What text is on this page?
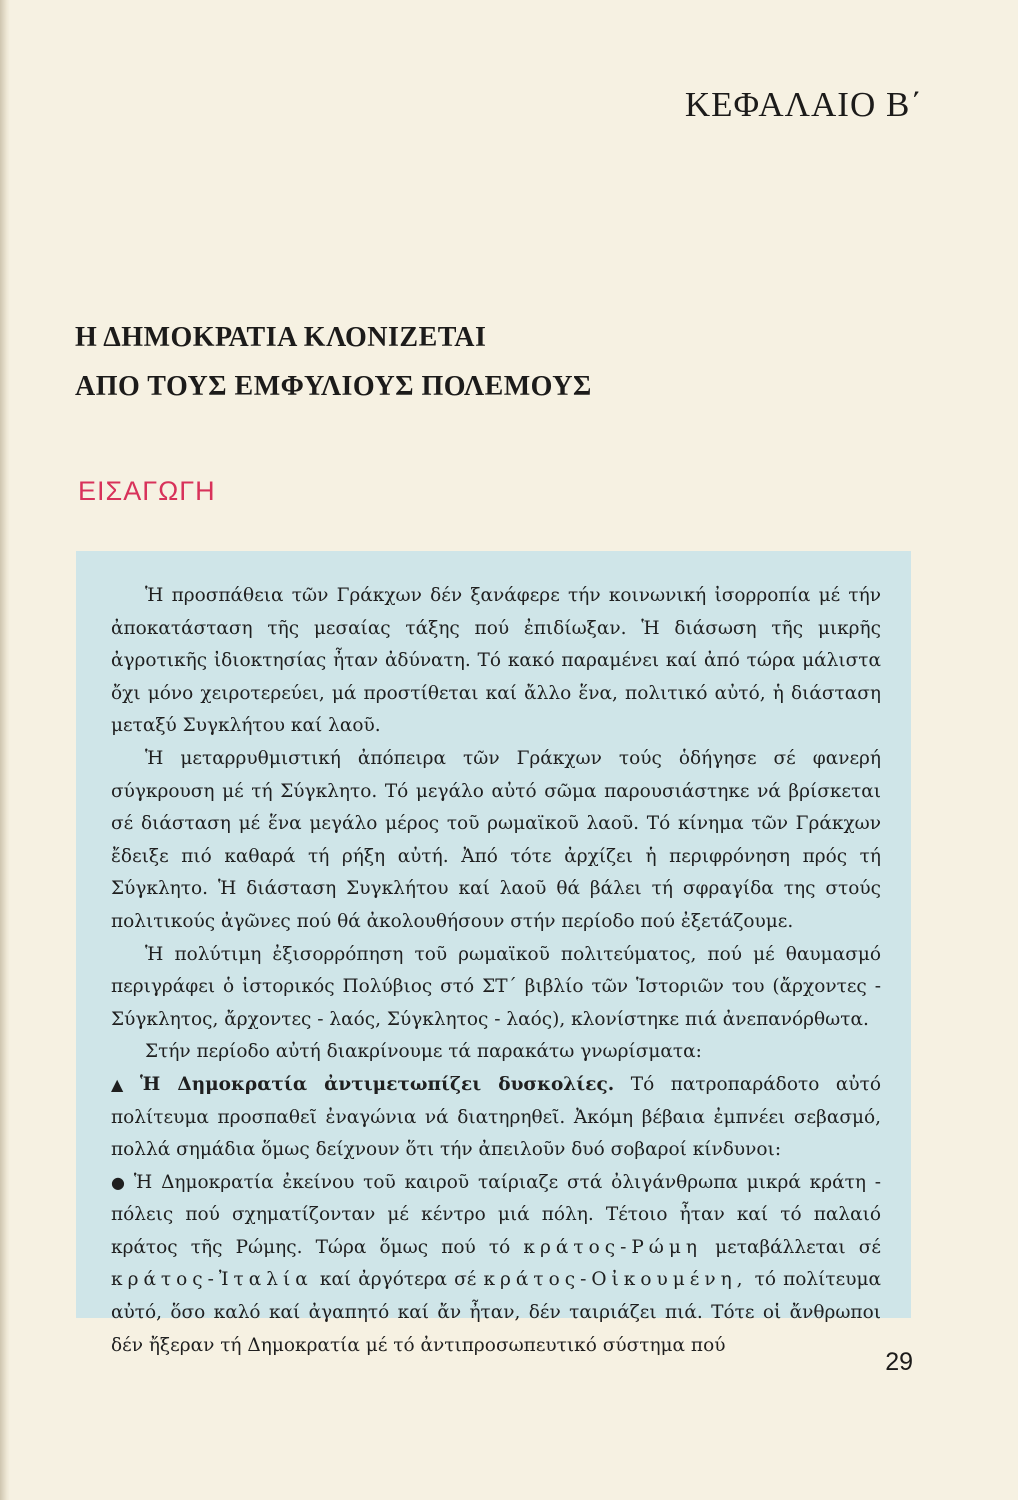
ΚΕΦΑΛΑΙΟ Β΄
Η ΔΗΜΟΚΡΑΤΙΑ ΚΛΟΝΙΖΕΤΑΙ
ΑΠΟ ΤΟΥΣ ΕΜΦΥΛΙΟΥΣ ΠΟΛΕΜΟΥΣ
ΕΙΣΑΓΩΓΗ

Ἡ προσπάθεια τῶν Γράκχων δέν ξανάφερε τήν κοινωνική ἰσορροπία μέ τήν ἀποκατάσταση τῆς μεσαίας τάξης πού ἐπιδίωξαν. Ἡ διάσωση τῆς μικρῆς ἀγροτικῆς ἰδιοκτησίας ἦταν ἀδύνατη. Τό κακό παραμένει καί ἀπό τώρα μάλιστα ὄχι μόνο χειροτερεύει, μά προστίθεται καί ἄλλο ἕνα, πολιτικό αὐτό, ἡ διάσταση μεταξύ Συγκλήτου καί λαοῦ.

Ἡ μεταρρυθμιστική ἀπόπειρα τῶν Γράκχων τούς ὁδήγησε σέ φανερή σύγκρουση μέ τή Σύγκλητο. Τό μεγάλο αὐτό σῶμα παρουσιάστηκε νά βρίσκεται σέ διάσταση μέ ἕνα μεγάλο μέρος τοῦ ρωμαϊκοῦ λαοῦ. Τό κίνημα τῶν Γράκχων ἔδειξε πιό καθαρά τή ρήξη αὐτή. Ἀπό τότε ἀρχίζει ἡ περιφρόνηση πρός τή Σύγκλητο. Ἡ διάσταση Συγκλήτου καί λαοῦ θά βάλει τή σφραγίδα της στούς πολιτικούς ἀγῶνες πού θά ἀκολουθήσουν στήν περίοδο πού ἐξετάζουμε.

Ἡ πολύτιμη ἐξισορρόπηση τοῦ ρωμαϊκοῦ πολιτεύματος, πού μέ θαυμασμό περιγράφει ὁ ἱστορικός Πολύβιος στό ΣΤ΄ βιβλίο τῶν Ἱστοριῶν του (ἄρχοντες - Σύγκλητος, ἄρχοντες - λαός, Σύγκλητος - λαός), κλονίστηκε πιά ἀνεπανόρθωτα.

Στήν περίοδο αὐτή διακρίνουμε τά παρακάτω γνωρίσματα:

▲ Ἡ Δημοκρατία ἀντιμετωπίζει δυσκολίες. Τό πατροπαράδοτο αὐτό πολίτευμα προσπαθεῖ ἐναγώνια νά διατηρηθεῖ. Ἀκόμη βέβαια ἐμπνέει σεβασμό, πολλά σημάδια ὅμως δείχνουν ὅτι τήν ἀπειλοῦν δυό σοβαροί κίνδυνοι:

● Ἡ Δημοκρατία ἐκείνου τοῦ καιροῦ ταίριαζε στά ὀλιγάνθρωπα μικρά κράτη - πόλεις πού σχηματίζονταν μέ κέντρο μιά πόλη. Τέτοιο ἦταν καί τό παλαιό κράτος τῆς Ρώμης. Τώρα ὅμως πού τό κράτος-Ρώμη μεταβάλλεται σέ κράτος-Ἰταλία καί ἀργότερα σέ κράτος-Οἰκουμένη, τό πολίτευμα αὐτό, ὅσο καλό καί ἀγαπητό καί ἄν ἦταν, δέν ταιριάζει πιά. Τότε οἱ ἄνθρωποι δέν ἤξεραν τή Δημοκρατία μέ τό ἀντιπροσωπευτικό σύστημα πού

29
